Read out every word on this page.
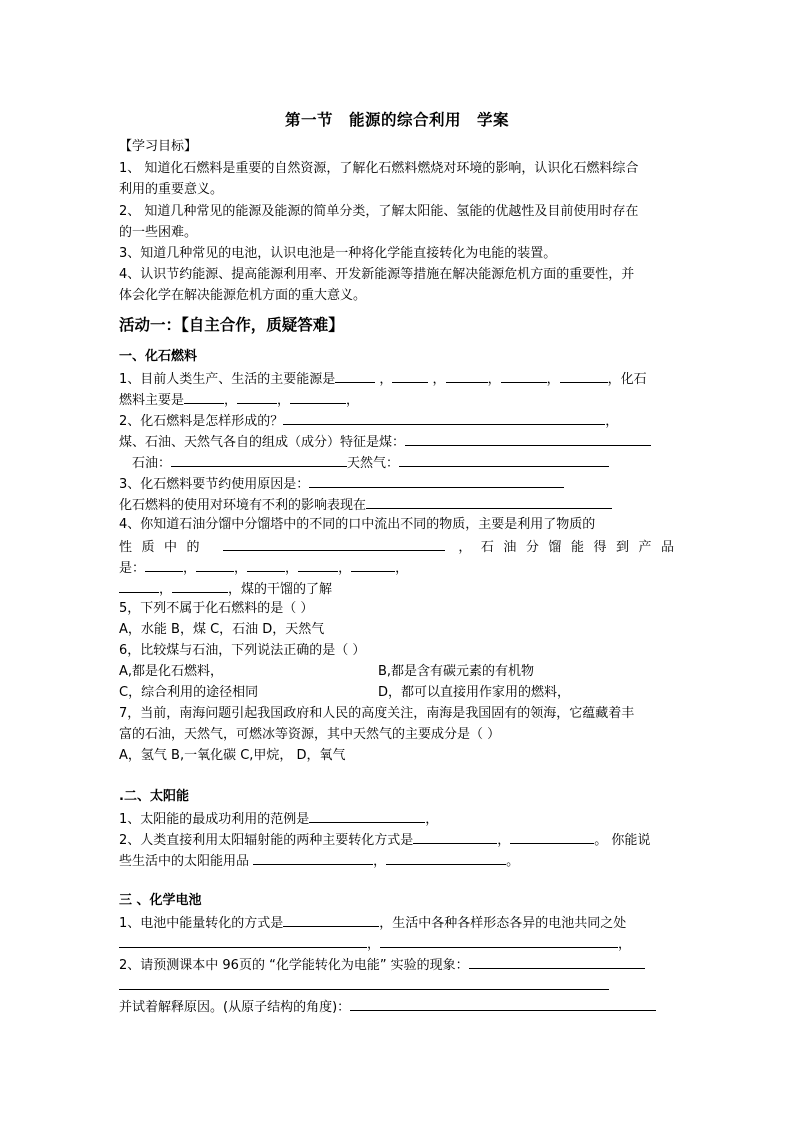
第一节　能源的综合利用　学案
【学习目标】
1、 知道化石燃料是重要的自然资源，了解化石燃料燃烧对环境的影响，认识化石燃料综合
利用的重要意义。
2、 知道几种常见的能源及能源的简单分类，了解太阳能、氢能的优越性及目前使用时存在
的一些困难。
3、知道几种常见的电池，认识电池是一种将化学能直接转化为电能的装置。
4、认识节约能源、提高能源利用率、开发新能源等措施在解决能源危机方面的重要性，并
体会化学在解决能源危机方面的重大意义。
活动一：【自主合作，质疑答难】
一、化石燃料
1、目前人类生产、生活的主要能源是	，	，	，	，	，化石
燃料主要是	，	，	，
2、化石燃料是怎样形成的？	，
煤、石油、天然气各自的组成（成分）特征是煤：
石油：	天然气：
3、化石燃料要节约使用原因是：
化石燃料的使用对环境有不利的影响表现在
4、你知道石油分馏中分馏塔中的不同的口中流出不同的物质，主要是利用了物质的
性质中的	，石油分馏能得到产品
是：	，	，	，	，	，
，	，煤的干馏的了解
5，下列不属于化石燃料的是（ ）
A，水能 B，煤 C，石油 D，天然气
6，比较煤与石油，下列说法正确的是（ ）
A,都是化石燃料，	B,都是含有碳元素的有机物
C，综合利用的途径相同	D，都可以直接用作家用的燃料，
7，当前，南海问题引起我国政府和人民的高度关注，南海是我国固有的领海，它蕴藏着丰
富的石油，天然气，可燃冰等资源，其中天然气的主要成分是（ ）
A，氢气 B,一氧化碳 C,甲烷， D，氧气
.二、太阳能
1、太阳能的最成功利用的范例是	，
2、人类直接利用太阳辐射能的两种主要转化方式是	，	。 你能说
些生活中的太阳能用品	，	。
三 、化学电池
1、电池中能量转化的方式是	，生活中各种各样形态各异的电池共同之处
，	，
2、请预测课本中 96页的 “化学能转化为电能” 实验的现象：
并试着解释原因。(从原子结构的角度)：
